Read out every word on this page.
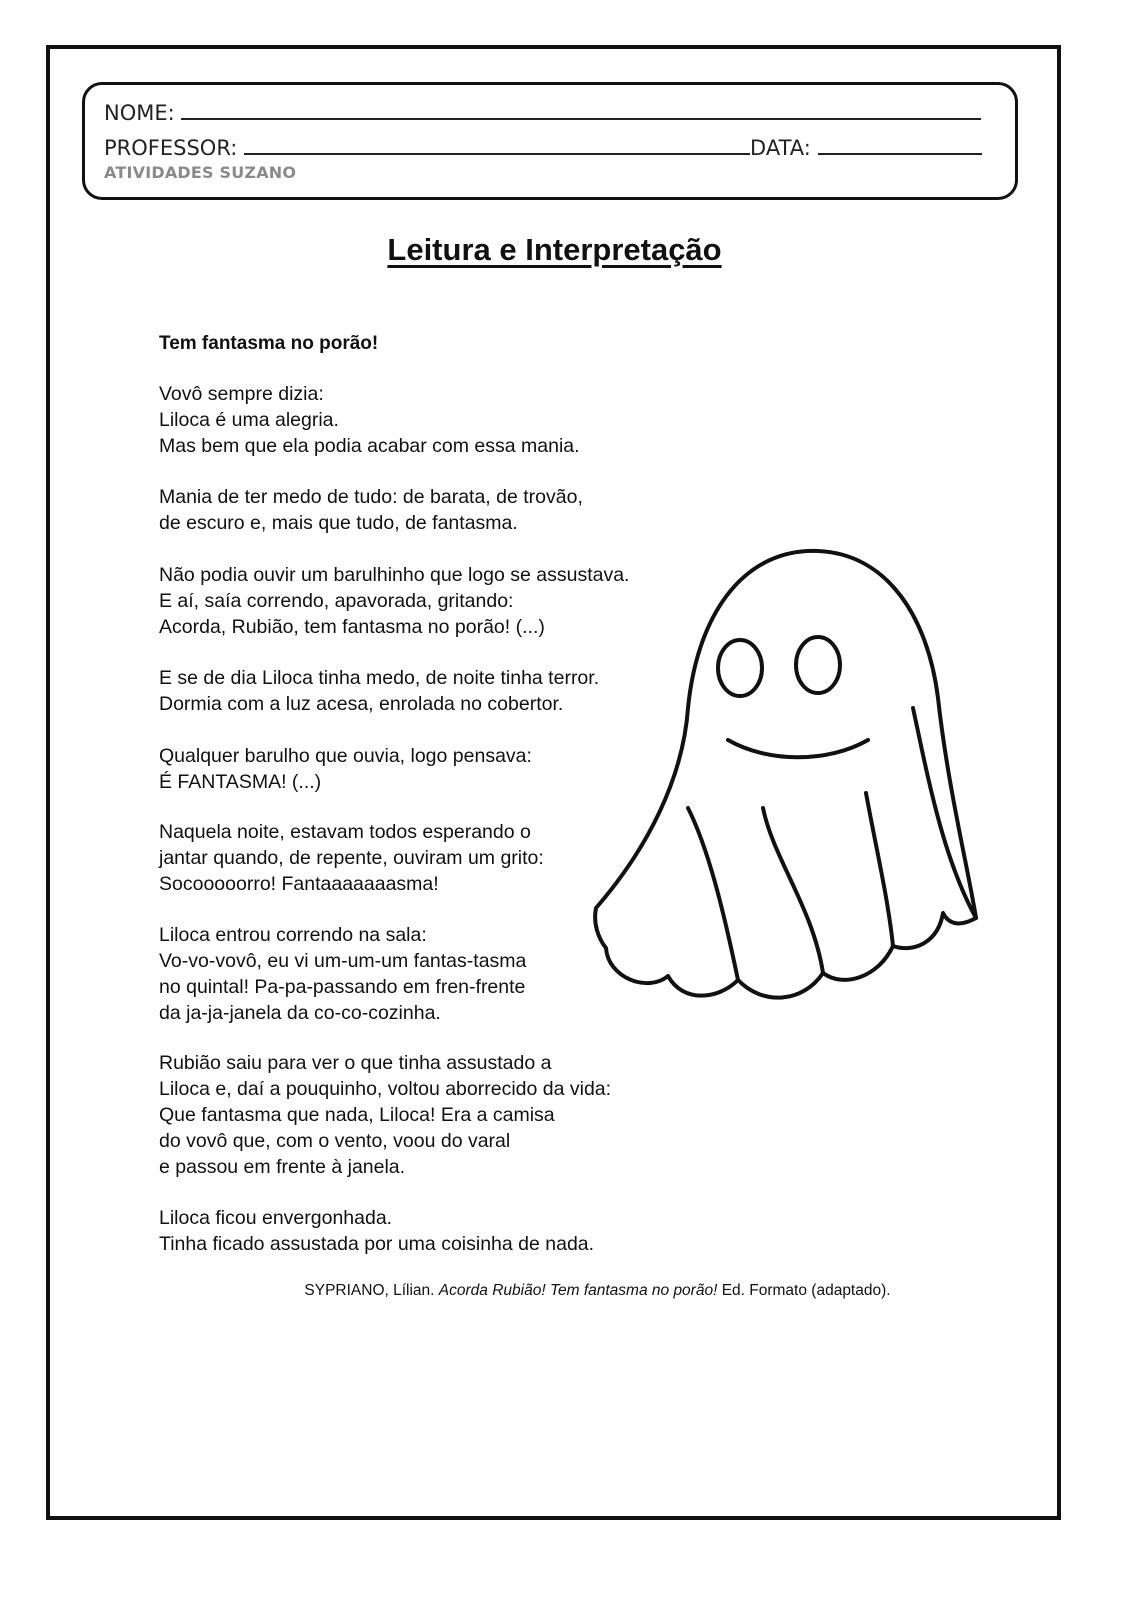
NOME:
PROFESSOR:	DATA:
ATIVIDADES SUZANO
Leitura e Interpretação
Tem fantasma no porão!
Vovô sempre dizia:
Liloca é uma alegria.
Mas bem que ela podia acabar com essa mania.
Mania de ter medo de tudo: de barata, de trovão,
de escuro e, mais que tudo, de fantasma.
Não podia ouvir um barulhinho que logo se assustava.
E aí, saía correndo, apavorada, gritando:
Acorda, Rubião, tem fantasma no porão! (...)
E se de dia Liloca tinha medo, de noite tinha terror.
Dormia com a luz acesa, enrolada no cobertor.
Qualquer barulho que ouvia, logo pensava:
É FANTASMA! (...)
Naquela noite, estavam todos esperando o
jantar quando, de repente, ouviram um grito:
Socooooorro! Fantaaaaaaasma!
Liloca entrou correndo na sala:
Vo-vo-vovô, eu vi um-um-um fantas-tasma
no quintal! Pa-pa-passando em fren-frente
da ja-ja-janela da co-co-cozinha.
Rubião saiu para ver o que tinha assustado a
Liloca e, daí a pouquinho, voltou aborrecido da vida:
Que fantasma que nada, Liloca! Era a camisa
do vovô que, com o vento, voou do varal
e passou em frente à janela.
Liloca ficou envergonhada.
Tinha ficado assustada por uma coisinha de nada.
SYPRIANO, Lílian. Acorda Rubião! Tem fantasma no porão! Ed. Formato (adaptado).
